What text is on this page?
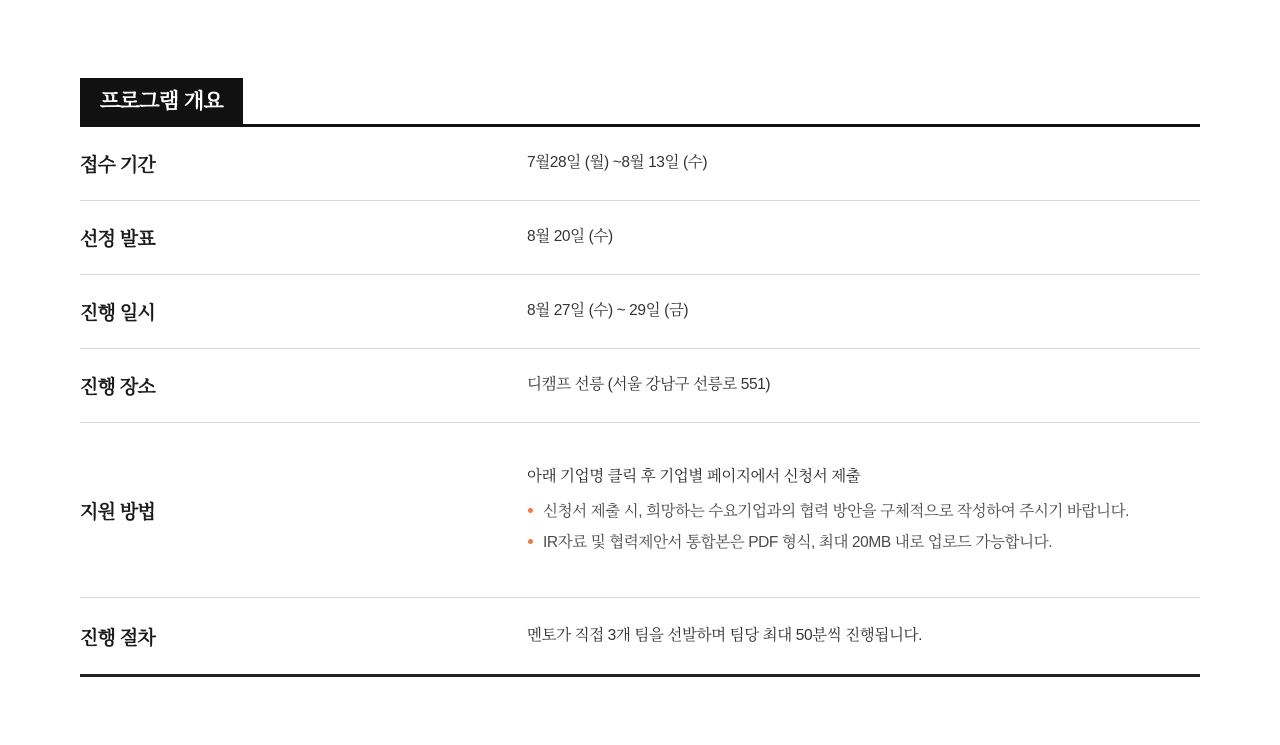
프로그램 개요
접수 기간	7월28일 (월) ~8월 13일 (수)
선정 발표	8월 20일 (수)
진행 일시	8월 27일 (수) ~ 29일 (금)
진행 장소	디캠프 선릉 (서울 강남구 선릉로 551)
지원 방법
아래 기업명 클릭 후 기업별 페이지에서 신청서 제출
신청서 제출 시, 희망하는 수요기업과의 협력 방안을 구체적으로 작성하여 주시기 바랍니다.
IR자료 및 협력제안서 통합본은 PDF 형식, 최대 20MB 내로 업로드 가능합니다.
진행 절차	멘토가 직접 3개 팀을 선발하며 팀당 최대 50분씩 진행됩니다.
